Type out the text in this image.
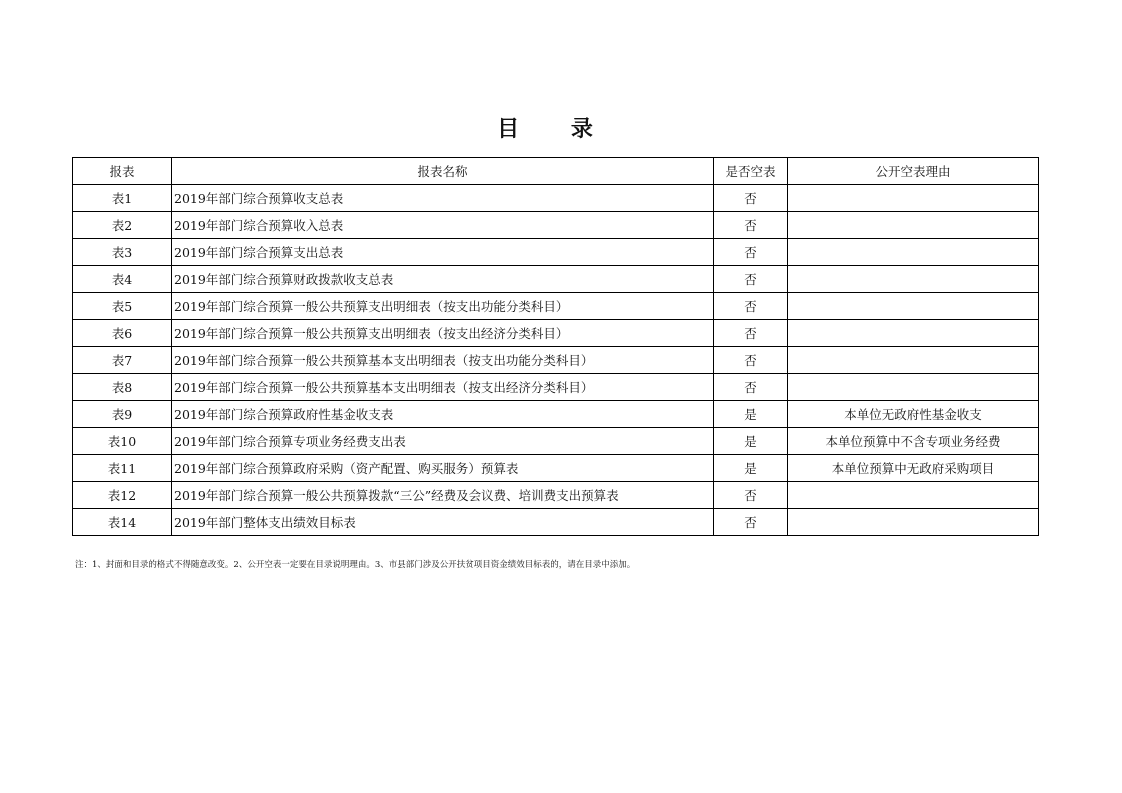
目 录
报表	报表名称	是否空表	公开空表理由
表1	2019年部门综合预算收支总表	否	
表2	2019年部门综合预算收入总表	否	
表3	2019年部门综合预算支出总表	否	
表4	2019年部门综合预算财政拨款收支总表	否	
表5	2019年部门综合预算一般公共预算支出明细表（按支出功能分类科目）	否	
表6	2019年部门综合预算一般公共预算支出明细表（按支出经济分类科目）	否	
表7	2019年部门综合预算一般公共预算基本支出明细表（按支出功能分类科目）	否	
表8	2019年部门综合预算一般公共预算基本支出明细表（按支出经济分类科目）	否	
表9	2019年部门综合预算政府性基金收支表	是	本单位无政府性基金收支
表10	2019年部门综合预算专项业务经费支出表	是	本单位预算中不含专项业务经费
表11	2019年部门综合预算政府采购（资产配置、购买服务）预算表	是	本单位预算中无政府采购项目
表12	2019年部门综合预算一般公共预算拨款“三公”经费及会议费、培训费支出预算表	否	
表14	2019年部门整体支出绩效目标表	否	
注：1、封面和目录的格式不得随意改变。2、公开空表一定要在目录说明理由。3、市县部门涉及公开扶贫项目资金绩效目标表的，请在目录中添加。
